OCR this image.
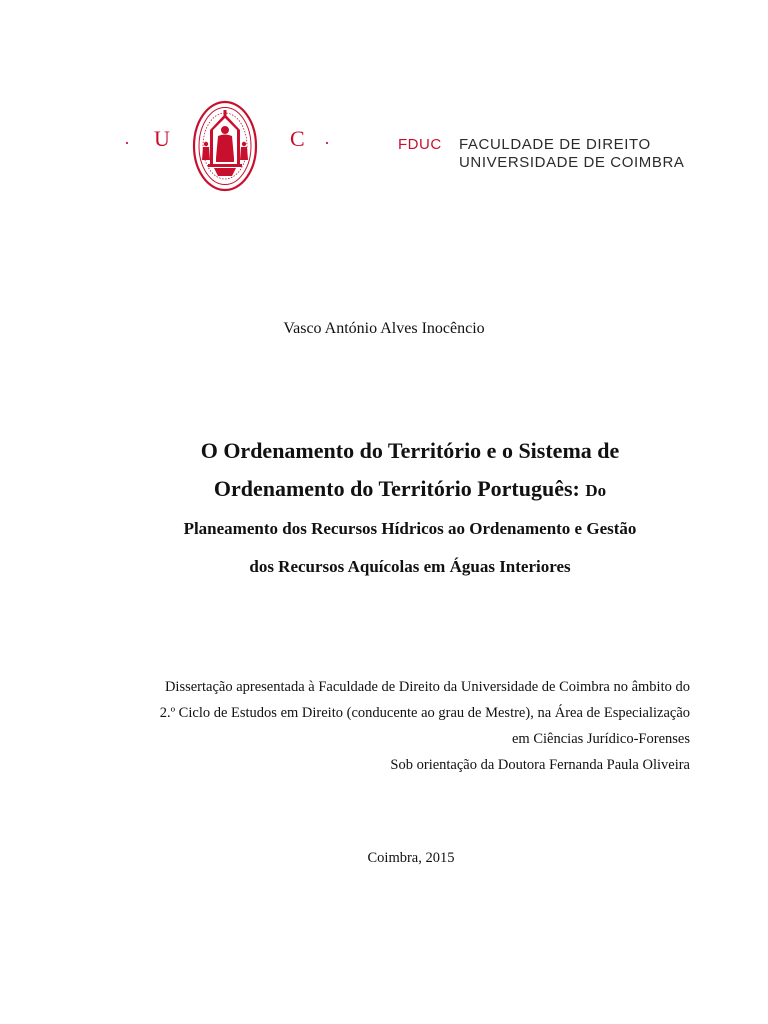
· U	C ·	FDUC FACULDADE DE DIREITO
UNIVERSIDADE DE COIMBRA
Vasco António Alves Inocêncio
O Ordenamento do Território e o Sistema de
Ordenamento do Território Português: Do
Planeamento dos Recursos Hídricos ao Ordenamento e Gestão
dos Recursos Aquícolas em Águas Interiores
Dissertação apresentada à Faculdade de Direito da Universidade de Coimbra no âmbito do
2.º Ciclo de Estudos em Direito (conducente ao grau de Mestre), na Área de Especialização
em Ciências Jurídico-Forenses
Sob orientação da Doutora Fernanda Paula Oliveira
Coimbra, 2015
